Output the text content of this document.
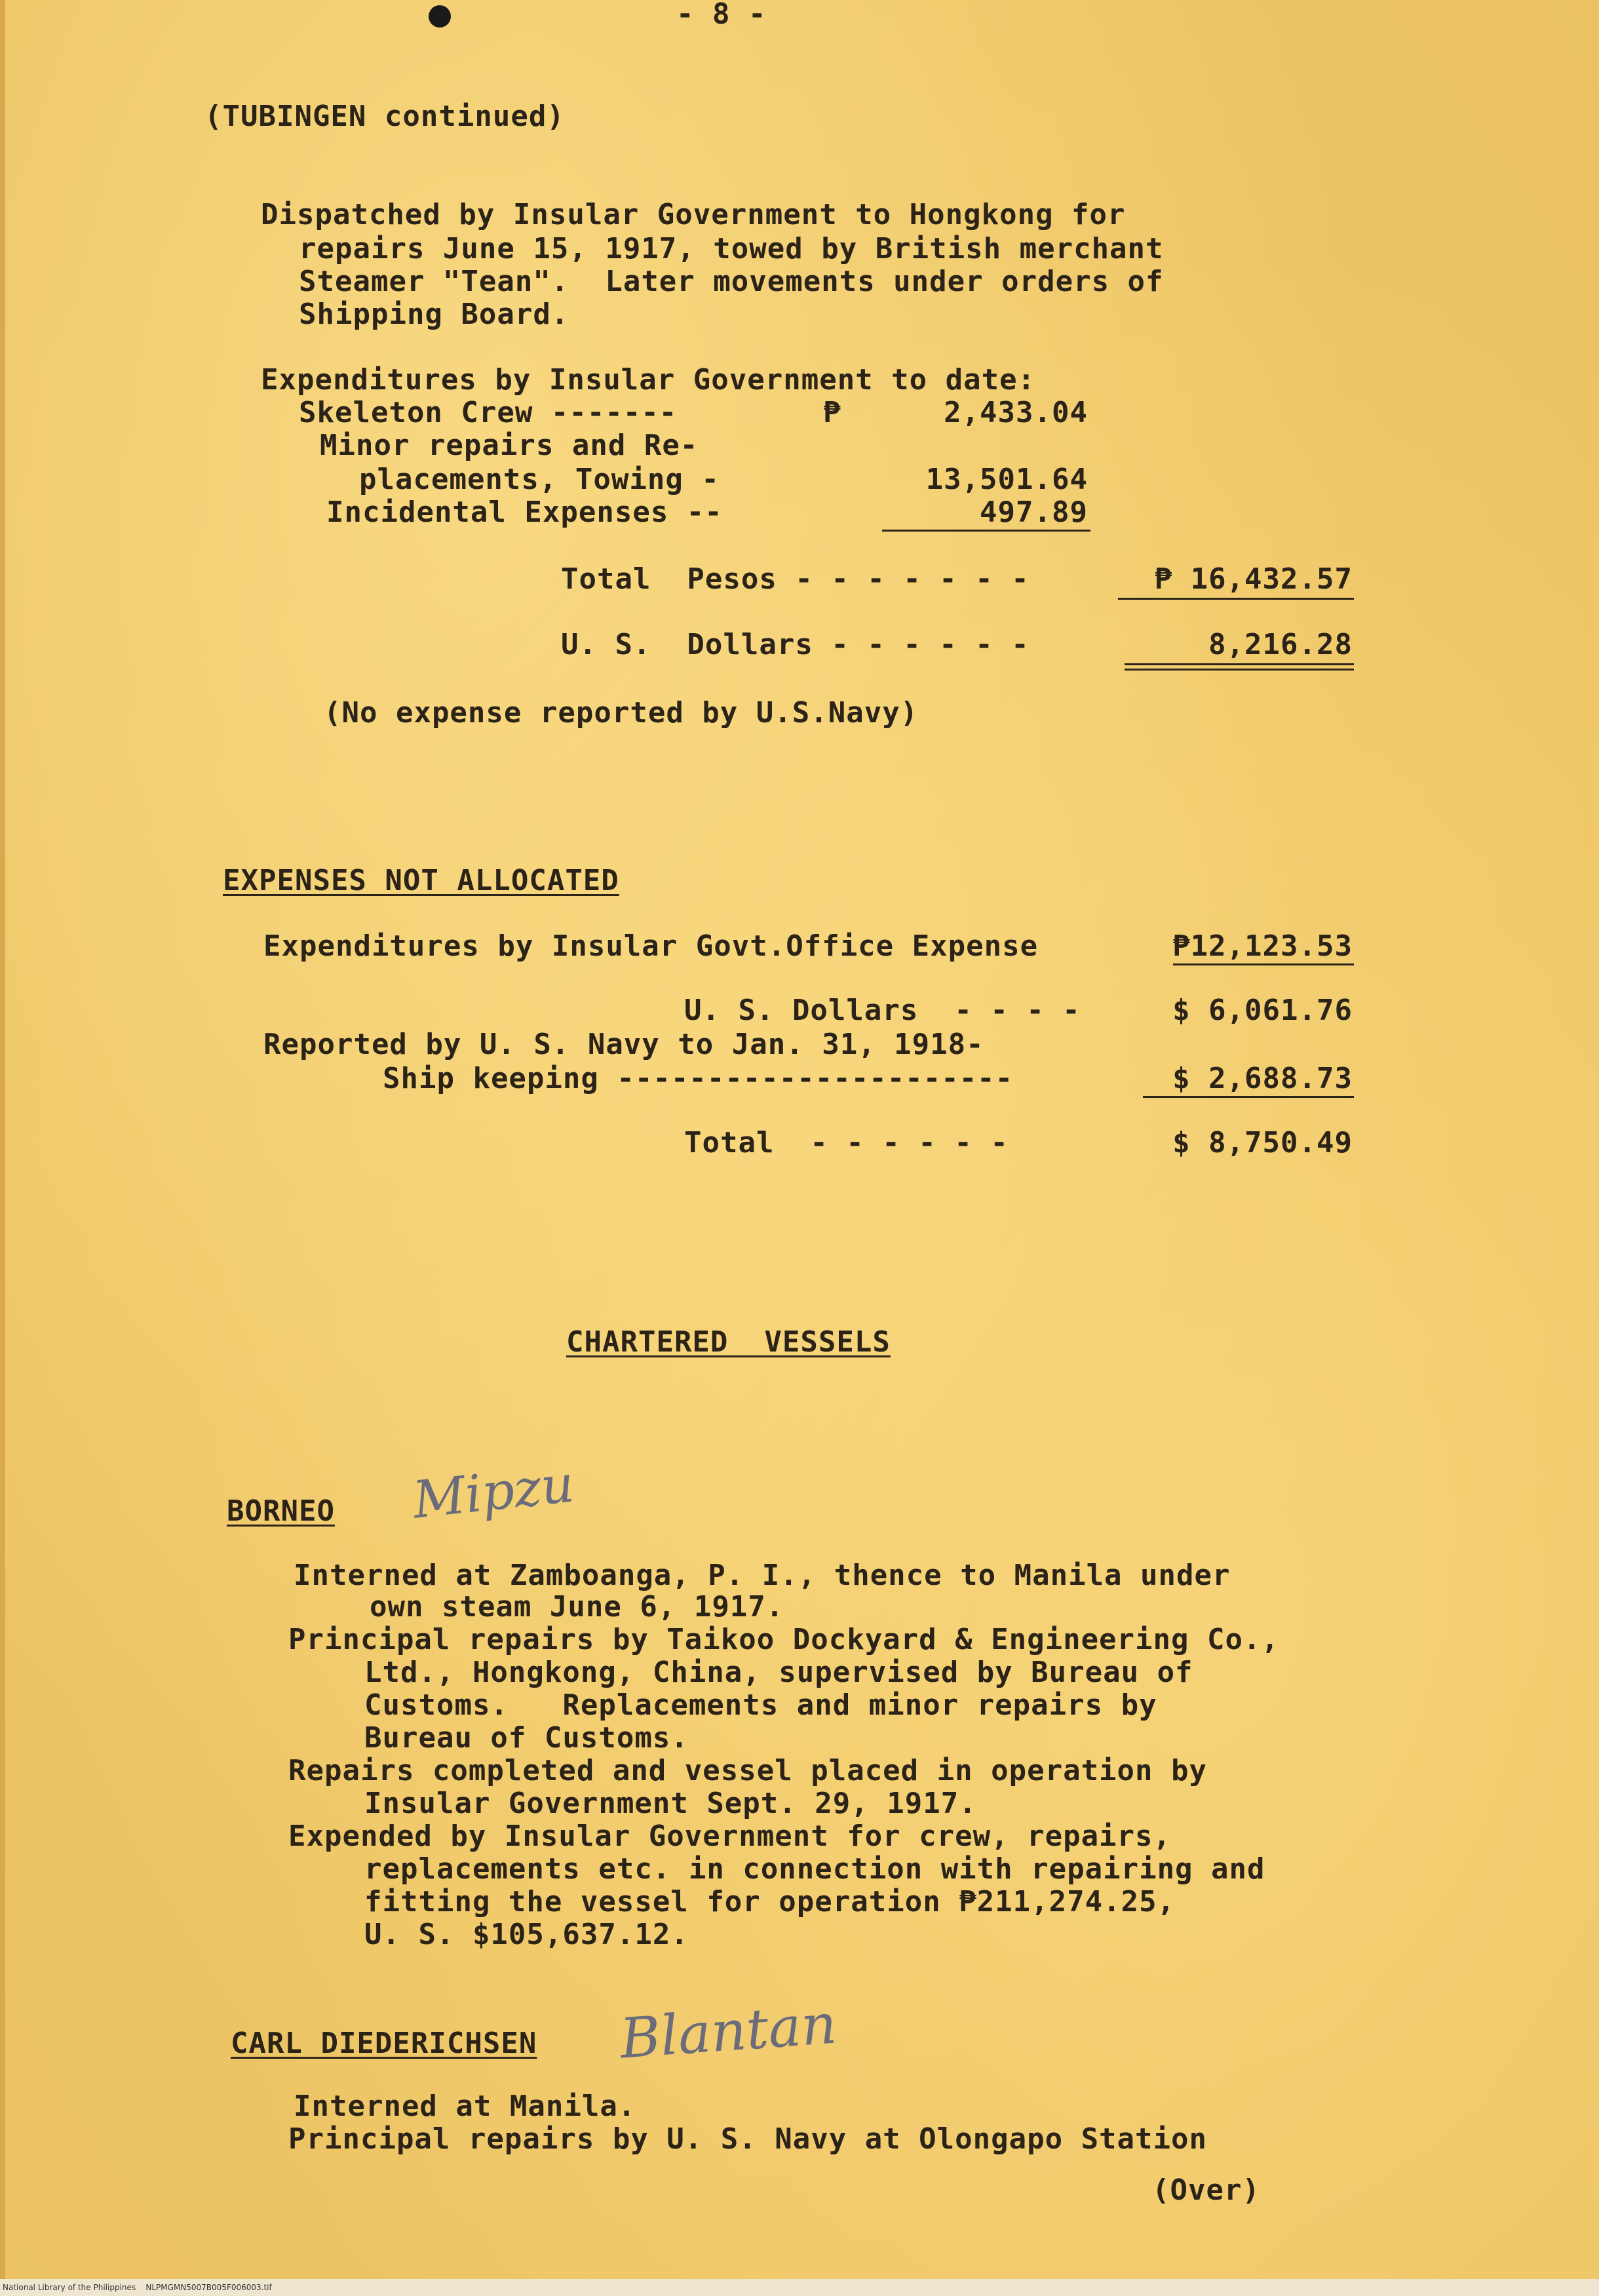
- 8 -
(TUBINGEN continued)
Dispatched by Insular Government to Hongkong for
repairs June 15, 1917, towed by British merchant
Steamer "Tean".  Later movements under orders of
Shipping Board.
Expenditures by Insular Government to date:
Skeleton Crew -------	₱	2,433.04
Minor repairs and Re-
placements, Towing -	13,501.64
Incidental Expenses --	497.89
Total  Pesos - - - - - - -	₱ 16,432.57
U. S.  Dollars - - - - - -	8,216.28
(No expense reported by U.S.Navy)
EXPENSES NOT ALLOCATED
Expenditures by Insular Govt.Office Expense	₱12,123.53
U. S. Dollars  - - - -	$ 6,061.76
Reported by U. S. Navy to Jan. 31, 1918-
Ship keeping ----------------------	$ 2,688.73
Total  - - - - - -	$ 8,750.49
CHARTERED  VESSELS
BORNEO Mipzu
Interned at Zamboanga, P. I., thence to Manila under
own steam June 6, 1917.
Principal repairs by Taikoo Dockyard & Engineering Co.,
Ltd., Hongkong, China, supervised by Bureau of
Customs.   Replacements and minor repairs by
Bureau of Customs.
Repairs completed and vessel placed in operation by
Insular Government Sept. 29, 1917.
Expended by Insular Government for crew, repairs,
replacements etc. in connection with repairing and
fitting the vessel for operation ₱211,274.25,
U. S. $105,637.12.
CARL DIEDERICHSEN Blantan
Interned at Manila.
Principal repairs by U. S. Navy at Olongapo Station
(Over)
National Library of the Philippines    NLPMGMN5007B005F006003.tif
